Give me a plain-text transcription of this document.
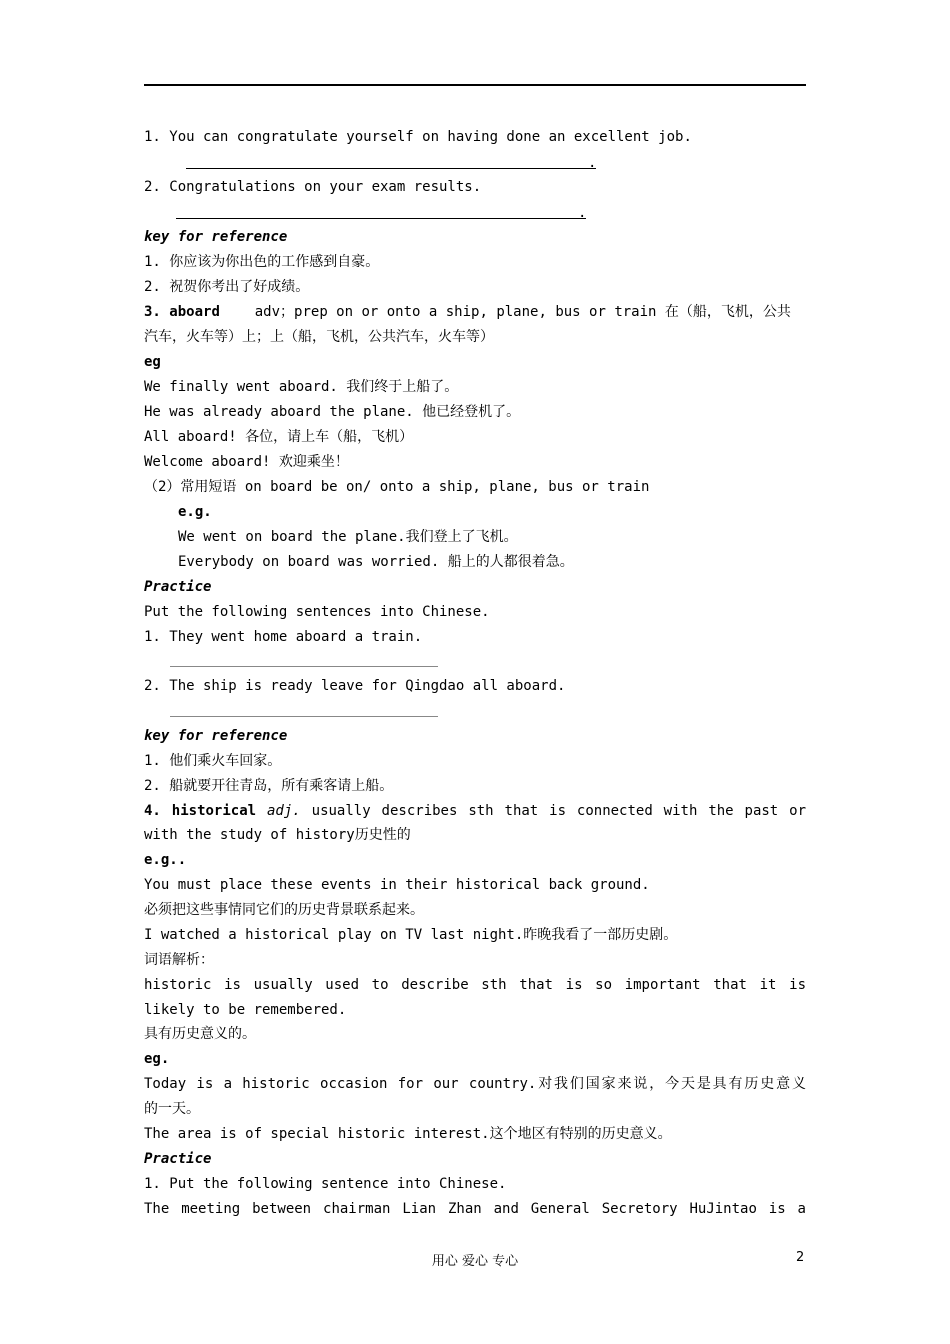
1. You can congratulate yourself on having done an excellent job.
.
2. Congratulations on your exam results.
.
key for reference
1. 你应该为你出色的工作感到自豪。
2. 祝贺你考出了好成绩。
3. aboard adv；prep on or onto a ship, plane, bus or train 在（船，飞机，公共
汽车，火车等）上；上（船，飞机，公共汽车，火车等）
eg
We finally went aboard. 我们终于上船了。
He was already aboard the plane. 他已经登机了。
All aboard! 各位，请上车（船，飞机）
Welcome aboard! 欢迎乘坐！
（2）常用短语 on board be on/ onto a ship, plane, bus or train
e.g.
We went on board the plane.我们登上了飞机。
Everybody on board was worried. 船上的人都很着急。
Practice
Put the following sentences into Chinese.
1. They went home aboard a train.
2. The ship is ready leave for Qingdao all aboard.
key for reference
1. 他们乘火车回家。
2. 船就要开往青岛，所有乘客请上船。
4. historical adj. usually describes sth that is connected with the past or
with the study of history历史性的
e.g..
You must place these events in their historical back ground.
必须把这些事情同它们的历史背景联系起来。
I watched a historical play on TV last night.昨晚我看了一部历史剧。
词语解析：
historic is usually used to describe sth that is so important that it is
likely to be remembered.
具有历史意义的。
eg.
Today is a historic occasion for our country.对我们国家来说，今天是具有历史意义
的一天。
The area is of special historic interest.这个地区有特别的历史意义。
Practice
1. Put the following sentence into Chinese.
The meeting between chairman Lian Zhan and General Secretory HuJintao is a
用心 爱心 专心	2
